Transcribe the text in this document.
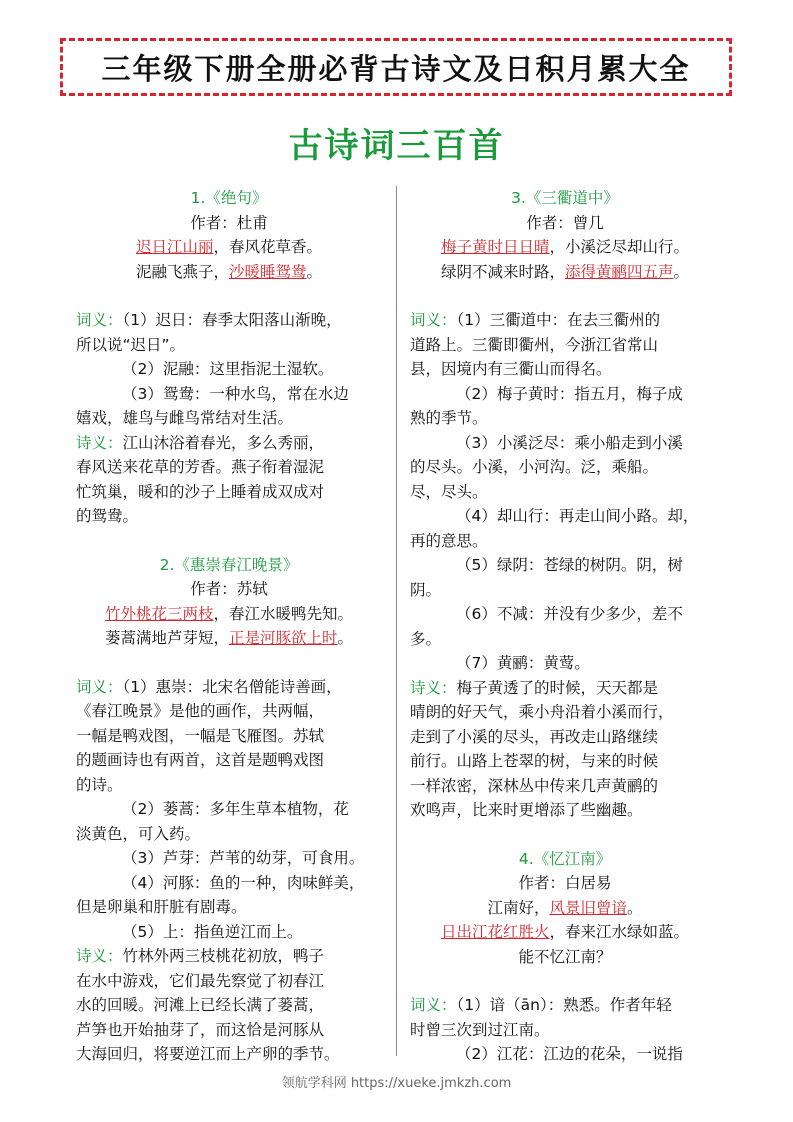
三年级下册全册必背古诗文及日积月累大全
古诗词三百首
1.《绝句》
作者：杜甫
迟日江山丽，春风花草香。
泥融飞燕子，沙暖睡鸳鸯。
词义：（1）迟日：春季太阳落山渐晚，
所以说“迟日”。
（2）泥融：这里指泥土湿软。
（3）鸳鸯：一种水鸟，常在水边
嬉戏，雄鸟与雌鸟常结对生活。
诗义：江山沐浴着春光，多么秀丽，
春风送来花草的芳香。燕子衔着湿泥
忙筑巢，暖和的沙子上睡着成双成对
的鸳鸯。
2.《惠崇春江晚景》
作者：苏轼
竹外桃花三两枝，春江水暖鸭先知。
蒌蒿满地芦芽短，正是河豚欲上时。
词义：（1）惠崇：北宋名僧能诗善画，
《春江晚景》是他的画作，共两幅，
一幅是鸭戏图，一幅是飞雁图。苏轼
的题画诗也有两首，这首是题鸭戏图
的诗。
（2）蒌蒿：多年生草本植物，花
淡黄色，可入药。
（3）芦芽：芦苇的幼芽，可食用。
（4）河豚：鱼的一种，肉味鲜美，
但是卵巢和肝脏有剧毒。
（5）上：指鱼逆江而上。
诗义：竹林外两三枝桃花初放，鸭子
在水中游戏，它们最先察觉了初春江
水的回暖。河滩上已经长满了蒌蒿，
芦笋也开始抽芽了，而这恰是河豚从
大海回归，将要逆江而上产卵的季节。
3.《三衢道中》
作者：曾几
梅子黄时日日晴，小溪泛尽却山行。
绿阴不减来时路，添得黄鹂四五声。
词义：（1）三衢道中：在去三衢州的
道路上。三衢即衢州，今浙江省常山
县，因境内有三衢山而得名。
（2）梅子黄时：指五月，梅子成
熟的季节。
（3）小溪泛尽：乘小船走到小溪
的尽头。小溪，小河沟。泛，乘船。
尽，尽头。
（4）却山行：再走山间小路。却，
再的意思。
（5）绿阴：苍绿的树阴。阴，树
阴。
（6）不减：并没有少多少，差不
多。
（7）黄鹂：黄莺。
诗义：梅子黄透了的时候，天天都是
晴朗的好天气，乘小舟沿着小溪而行，
走到了小溪的尽头，再改走山路继续
前行。山路上苍翠的树，与来的时候
一样浓密，深林丛中传来几声黄鹂的
欢鸣声，比来时更增添了些幽趣。
4.《忆江南》
作者：白居易
江南好，风景旧曾谙。
日出江花红胜火，春来江水绿如蓝。
能不忆江南？
词义：（1）谙（ān）：熟悉。作者年轻
时曾三次到过江南。
（2）江花：江边的花朵，一说指
领航学科网 https://xueke.jmkzh.com
